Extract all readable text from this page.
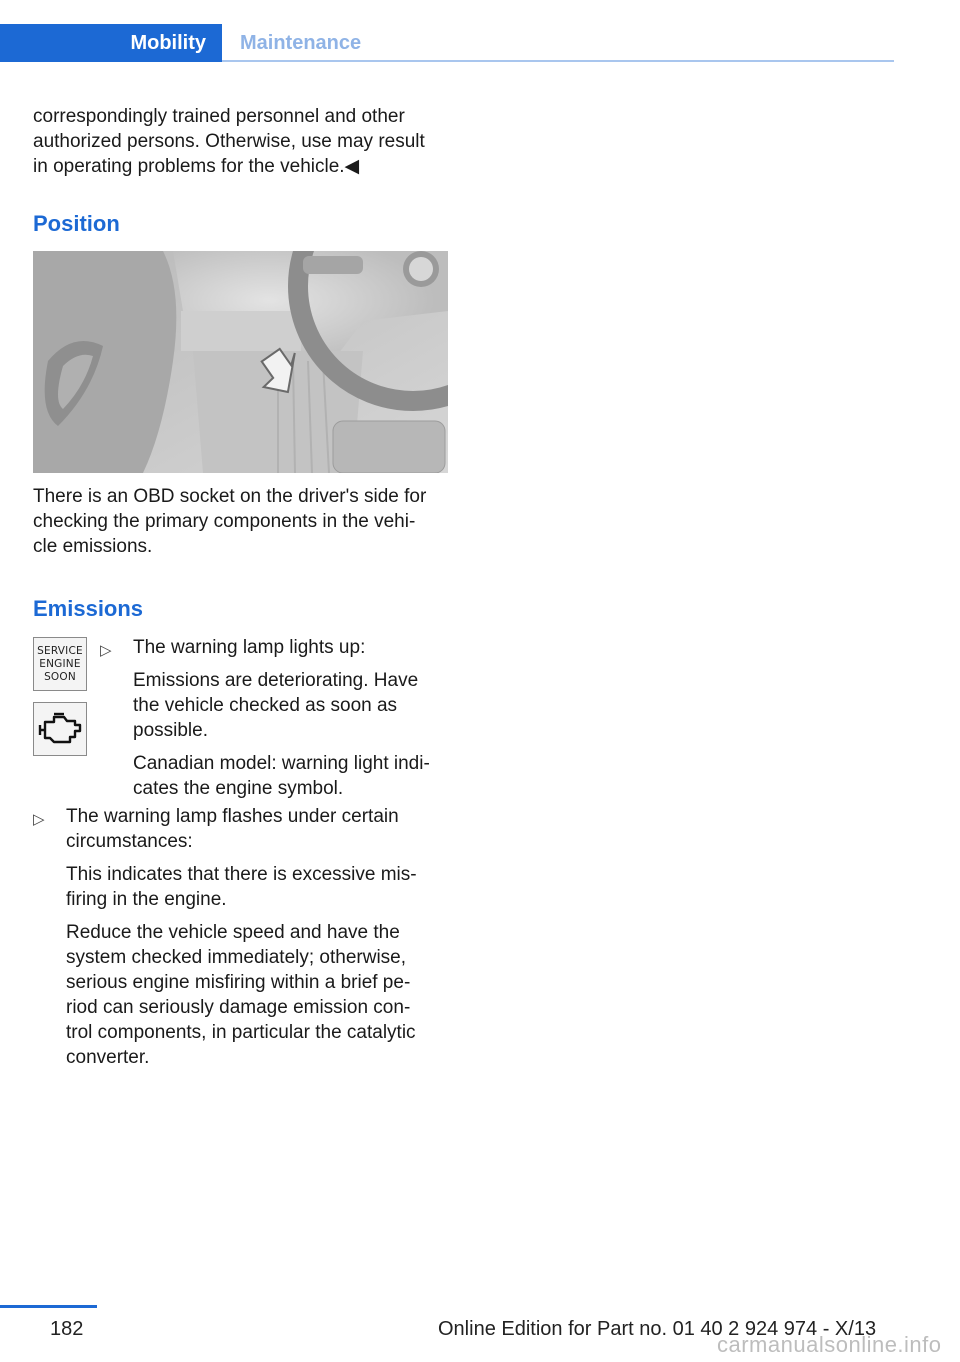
Mobility	Maintenance

correspondingly trained personnel and other

authorized persons. Otherwise, use may result

in operating problems for the vehicle.◀

Position

There is an OBD socket on the driver's side for

checking the primary components in the vehi‐

cle emissions.

Emissions
SERVICE
ENGINE
SOON
▷ The warning lamp lights up:
Emissions are deteriorating. Have
the vehicle checked as soon as
possible.
Canadian model: warning light indi‐
cates the engine symbol.
▷ The warning lamp flashes under certain
circumstances:
This indicates that there is excessive mis‐
firing in the engine.
Reduce the vehicle speed and have the
system checked immediately; otherwise,
serious engine misfiring within a brief pe‐
riod can seriously damage emission con‐
trol components, in particular the catalytic
converter.
182	Online Edition for Part no. 01 40 2 924 974 - X/13
carmanualsonline.info
